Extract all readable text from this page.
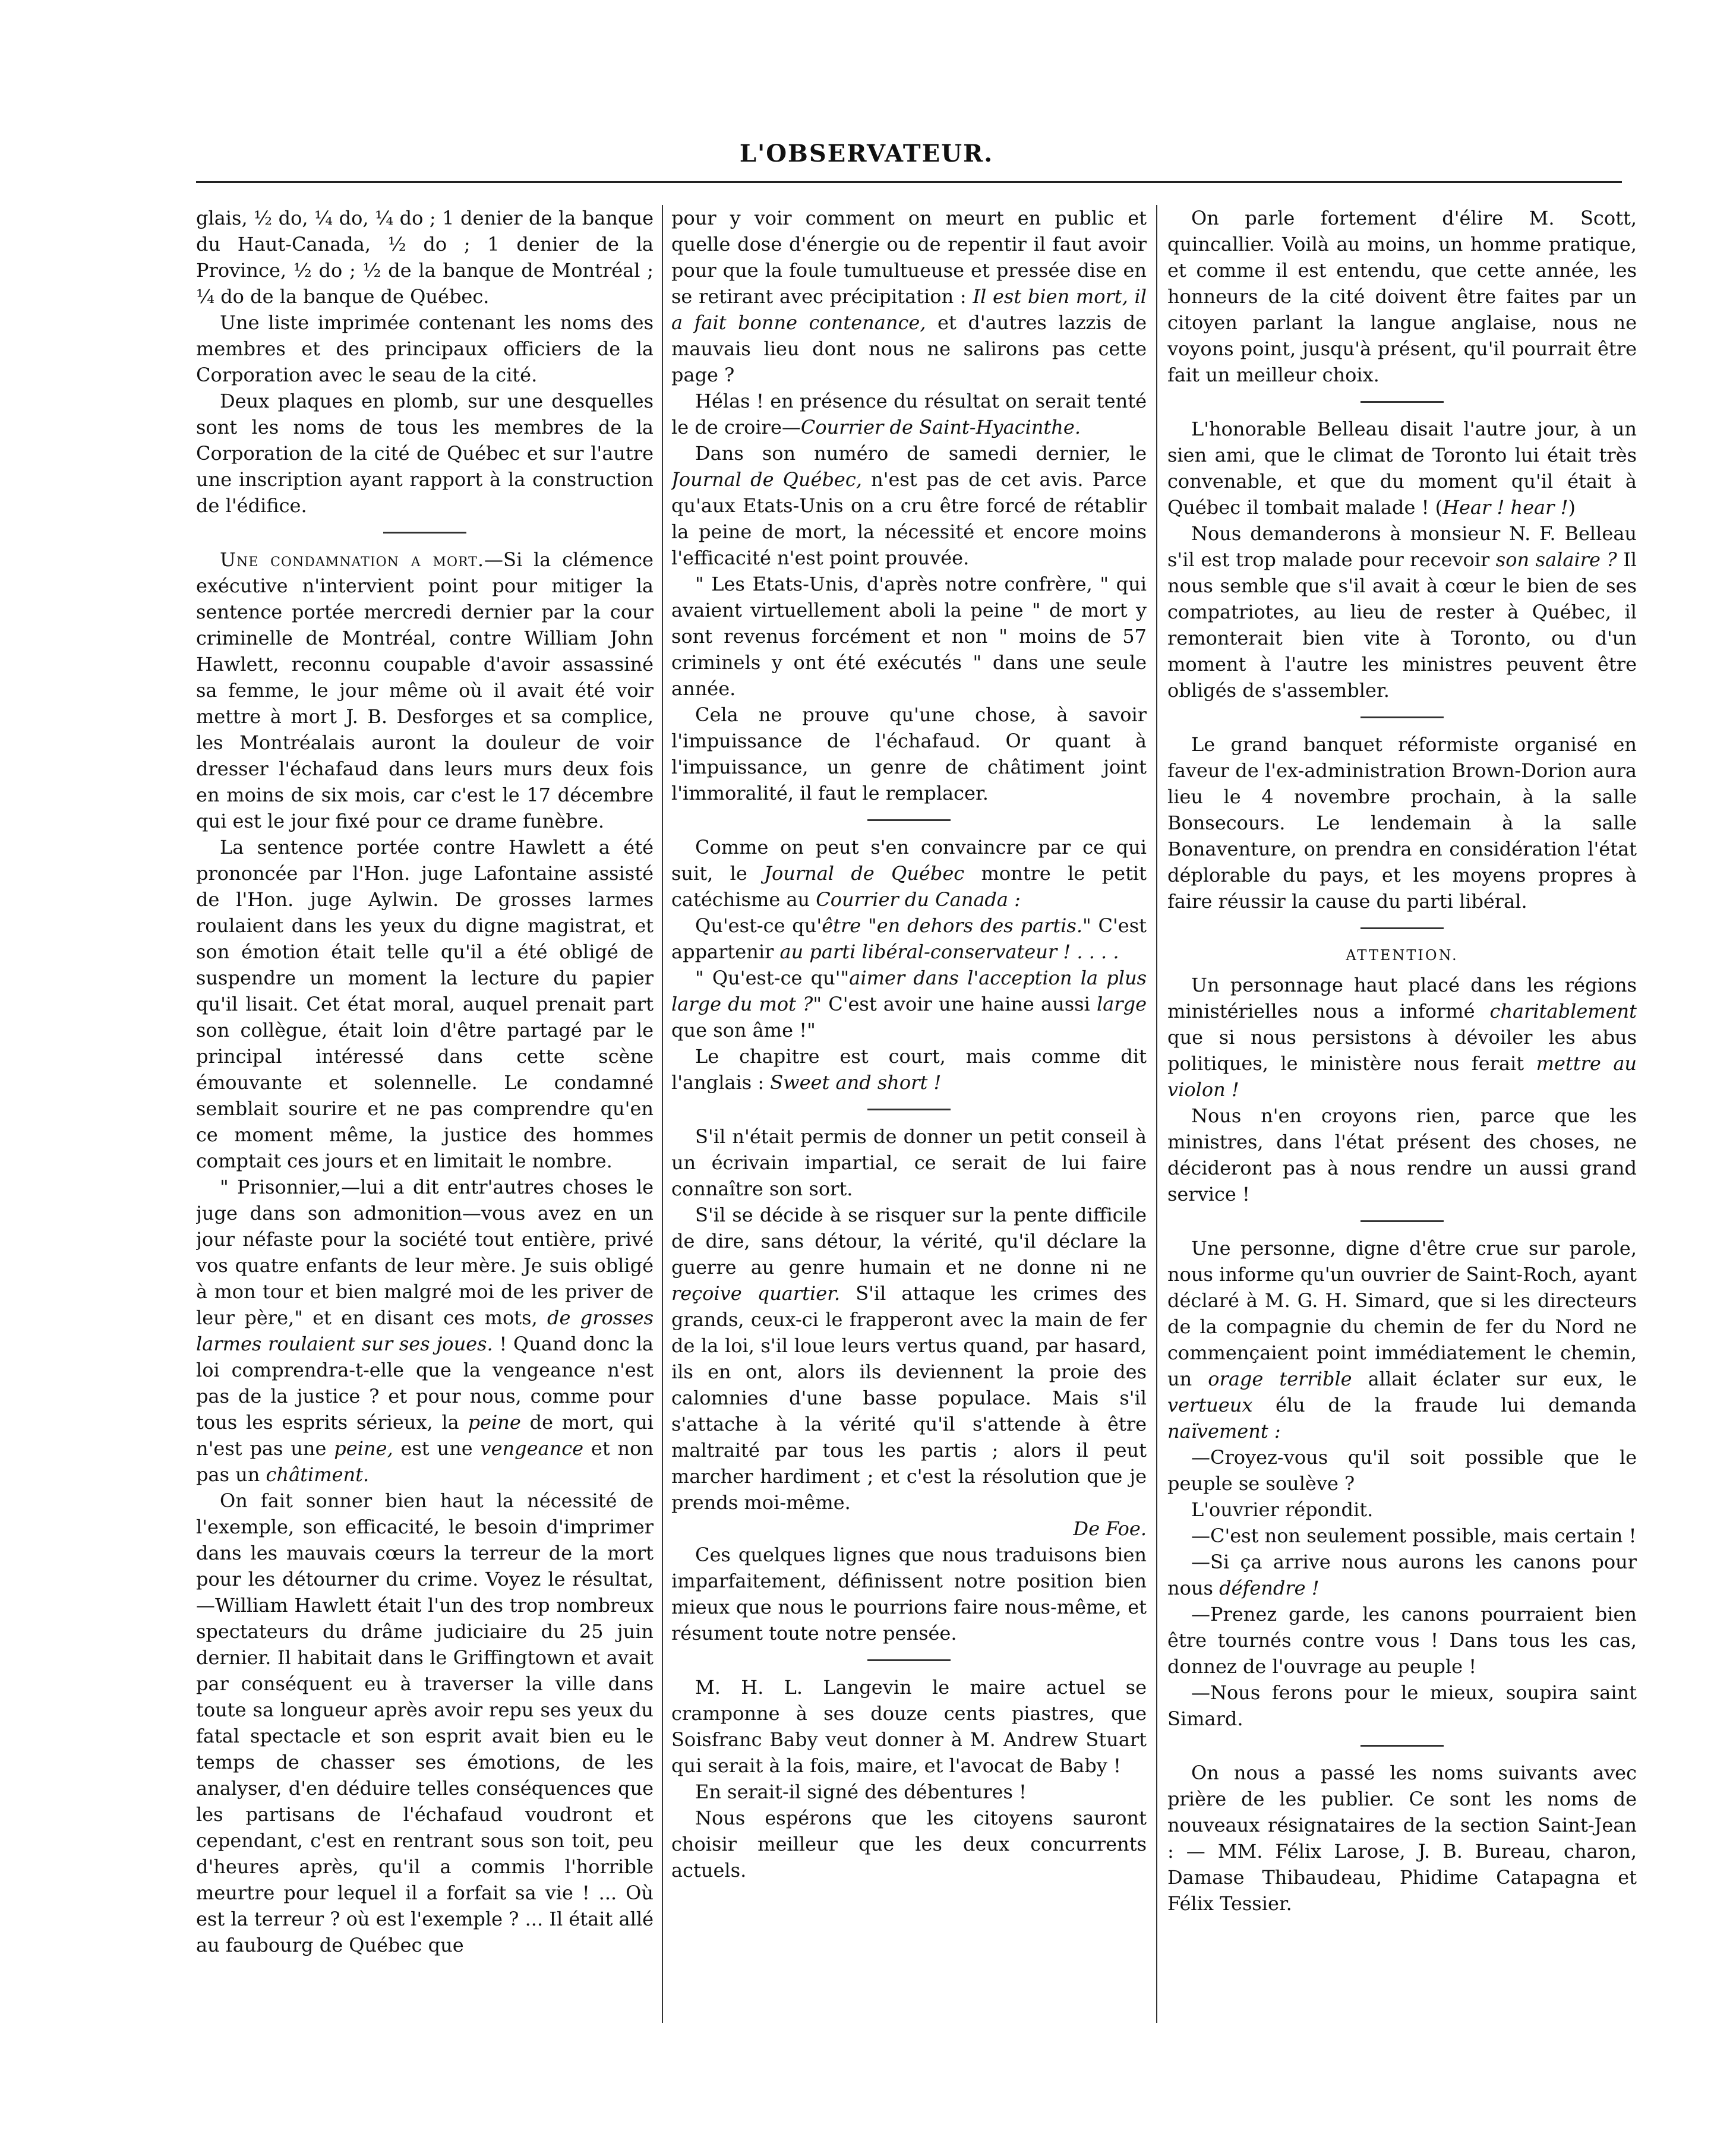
L'OBSERVATEUR.

glais, ½ do, ¼ do, ¼ do ; 1 denier de la banque du Haut-Canada, ½ do ; 1 denier de la Province, ½ do ; ½ de la banque de Montréal ; ¼ do de la banque de Québec.

Une liste imprimée contenant les noms des membres et des principaux officiers de la Corporation avec le seau de la cité.

Deux plaques en plomb, sur une desquelles sont les noms de tous les membres de la Corporation de la cité de Québec et sur l'autre une inscription ayant rapport à la construction de l'édifice.

Une condamnation a mort.—Si la clémence exécutive n'intervient point pour mitiger la sentence portée mercredi dernier par la cour criminelle de Montréal, contre William John Hawlett, reconnu coupable d'avoir assassiné sa femme, le jour même où il avait été voir mettre à mort J. B. Desforges et sa complice, les Montréalais auront la douleur de voir dresser l'échafaud dans leurs murs deux fois en moins de six mois, car c'est le 17 décembre qui est le jour fixé pour ce drame funèbre.

La sentence portée contre Hawlett a été prononcée par l'Hon. juge Lafontaine assisté de l'Hon. juge Aylwin. De grosses larmes roulaient dans les yeux du digne magistrat, et son émotion était telle qu'il a été obligé de suspendre un moment la lecture du papier qu'il lisait. Cet état moral, auquel prenait part son collègue, était loin d'être partagé par le principal intéressé dans cette scène émouvante et solennelle. Le condamné semblait sourire et ne pas comprendre qu'en ce moment même, la justice des hommes comptait ces jours et en limitait le nombre.

" Prisonnier,—lui a dit entr'autres choses le juge dans son admonition—vous avez en un jour néfaste pour la société tout entière, privé vos quatre enfants de leur mère. Je suis obligé à mon tour et bien malgré moi de les priver de leur père," et en disant ces mots, de grosses larmes roulaient sur ses joues. ! Quand donc la loi comprendra-t-elle que la vengeance n'est pas de la justice ? et pour nous, comme pour tous les esprits sérieux, la peine de mort, qui n'est pas une peine, est une vengeance et non pas un châtiment.

On fait sonner bien haut la nécessité de l'exemple, son efficacité, le besoin d'imprimer dans les mauvais cœurs la terreur de la mort pour les détourner du crime. Voyez le résultat,—William Hawlett était l'un des trop nombreux spectateurs du drâme judiciaire du 25 juin dernier. Il habitait dans le Griffingtown et avait par conséquent eu à traverser la ville dans toute sa longueur après avoir repu ses yeux du fatal spectacle et son esprit avait bien eu le temps de chasser ses émotions, de les analyser, d'en déduire telles conséquences que les partisans de l'échafaud voudront et cependant, c'est en rentrant sous son toit, peu d'heures après, qu'il a commis l'horrible meurtre pour lequel il a forfait sa vie ! ... Où est la terreur ? où est l'exemple ? ... Il était allé au faubourg de Québec que

pour y voir comment on meurt en public et quelle dose d'énergie ou de repentir il faut avoir pour que la foule tumultueuse et pressée dise en se retirant avec précipitation : Il est bien mort, il a fait bonne contenance, et d'autres lazzis de mauvais lieu dont nous ne salirons pas cette page ?

Hélas ! en présence du résultat on serait tenté le de croire—Courrier de Saint-Hyacinthe.

Dans son numéro de samedi dernier, le Journal de Québec, n'est pas de cet avis. Parce qu'aux Etats-Unis on a cru être forcé de rétablir la peine de mort, la nécessité et encore moins l'efficacité n'est point prouvée.

" Les Etats-Unis, d'après notre confrère, " qui avaient virtuellement aboli la peine " de mort y sont revenus forcément et non " moins de 57 criminels y ont été exécutés " dans une seule année.

Cela ne prouve qu'une chose, à savoir l'impuissance de l'échafaud. Or quant à l'impuissance, un genre de châtiment joint l'immoralité, il faut le remplacer.

Comme on peut s'en convaincre par ce qui suit, le Journal de Québec montre le petit catéchisme au Courrier du Canada :

Qu'est-ce qu'être "en dehors des partis." C'est appartenir au parti libéral-conservateur ! . . . .

" Qu'est-ce qu'"aimer dans l'acception la plus large du mot ?" C'est avoir une haine aussi large que son âme !"

Le chapitre est court, mais comme dit l'anglais : Sweet and short !

S'il n'était permis de donner un petit conseil à un écrivain impartial, ce serait de lui faire connaître son sort.

S'il se décide à se risquer sur la pente difficile de dire, sans détour, la vérité, qu'il déclare la guerre au genre humain et ne donne ni ne reçoive quartier. S'il attaque les crimes des grands, ceux-ci le frapperont avec la main de fer de la loi, s'il loue leurs vertus quand, par hasard, ils en ont, alors ils deviennent la proie des calomnies d'une basse populace. Mais s'il s'attache à la vérité qu'il s'attende à être maltraité par tous les partis ; alors il peut marcher hardiment ; et c'est la résolution que je prends moi-même.

De Foe.

Ces quelques lignes que nous traduisons bien imparfaitement, définissent notre position bien mieux que nous le pourrions faire nous-même, et résument toute notre pensée.

M. H. L. Langevin le maire actuel se cramponne à ses douze cents piastres, que Soisfranc Baby veut donner à M. Andrew Stuart qui serait à la fois, maire, et l'avocat de Baby !

En serait-il signé des débentures !

Nous espérons que les citoyens sauront choisir meilleur que les deux concurrents actuels.

On parle fortement d'élire M. Scott, quincallier. Voilà au moins, un homme pratique, et comme il est entendu, que cette année, les honneurs de la cité doivent être faites par un citoyen parlant la langue anglaise, nous ne voyons point, jusqu'à présent, qu'il pourrait être fait un meilleur choix.

L'honorable Belleau disait l'autre jour, à un sien ami, que le climat de Toronto lui était très convenable, et que du moment qu'il était à Québec il tombait malade ! (Hear ! hear !)

Nous demanderons à monsieur N. F. Belleau s'il est trop malade pour recevoir son salaire ? Il nous semble que s'il avait à cœur le bien de ses compatriotes, au lieu de rester à Québec, il remonterait bien vite à Toronto, ou d'un moment à l'autre les ministres peuvent être obligés de s'assembler.

Le grand banquet réformiste organisé en faveur de l'ex-administration Brown-Dorion aura lieu le 4 novembre prochain, à la salle Bonsecours. Le lendemain à la salle Bonaventure, on prendra en considération l'état déplorable du pays, et les moyens propres à faire réussir la cause du parti libéral.

ATTENTION.

Un personnage haut placé dans les régions ministérielles nous a informé charitablement que si nous persistons à dévoiler les abus politiques, le ministère nous ferait mettre au violon !

Nous n'en croyons rien, parce que les ministres, dans l'état présent des choses, ne décideront pas à nous rendre un aussi grand service !

Une personne, digne d'être crue sur parole, nous informe qu'un ouvrier de Saint-Roch, ayant déclaré à M. G. H. Simard, que si les directeurs de la compagnie du chemin de fer du Nord ne commençaient point immédiatement le chemin, un orage terrible allait éclater sur eux, le vertueux élu de la fraude lui demanda naïvement :

—Croyez-vous qu'il soit possible que le peuple se soulève ?

L'ouvrier répondit.

—C'est non seulement possible, mais certain !

—Si ça arrive nous aurons les canons pour nous défendre !

—Prenez garde, les canons pourraient bien être tournés contre vous ! Dans tous les cas, donnez de l'ouvrage au peuple !

—Nous ferons pour le mieux, soupira saint Simard.

On nous a passé les noms suivants avec prière de les publier. Ce sont les noms de nouveaux résignataires de la section Saint-Jean : — MM. Félix Larose, J. B. Bureau, charon, Damase Thibaudeau, Phidime Catapagna et Félix Tessier.
